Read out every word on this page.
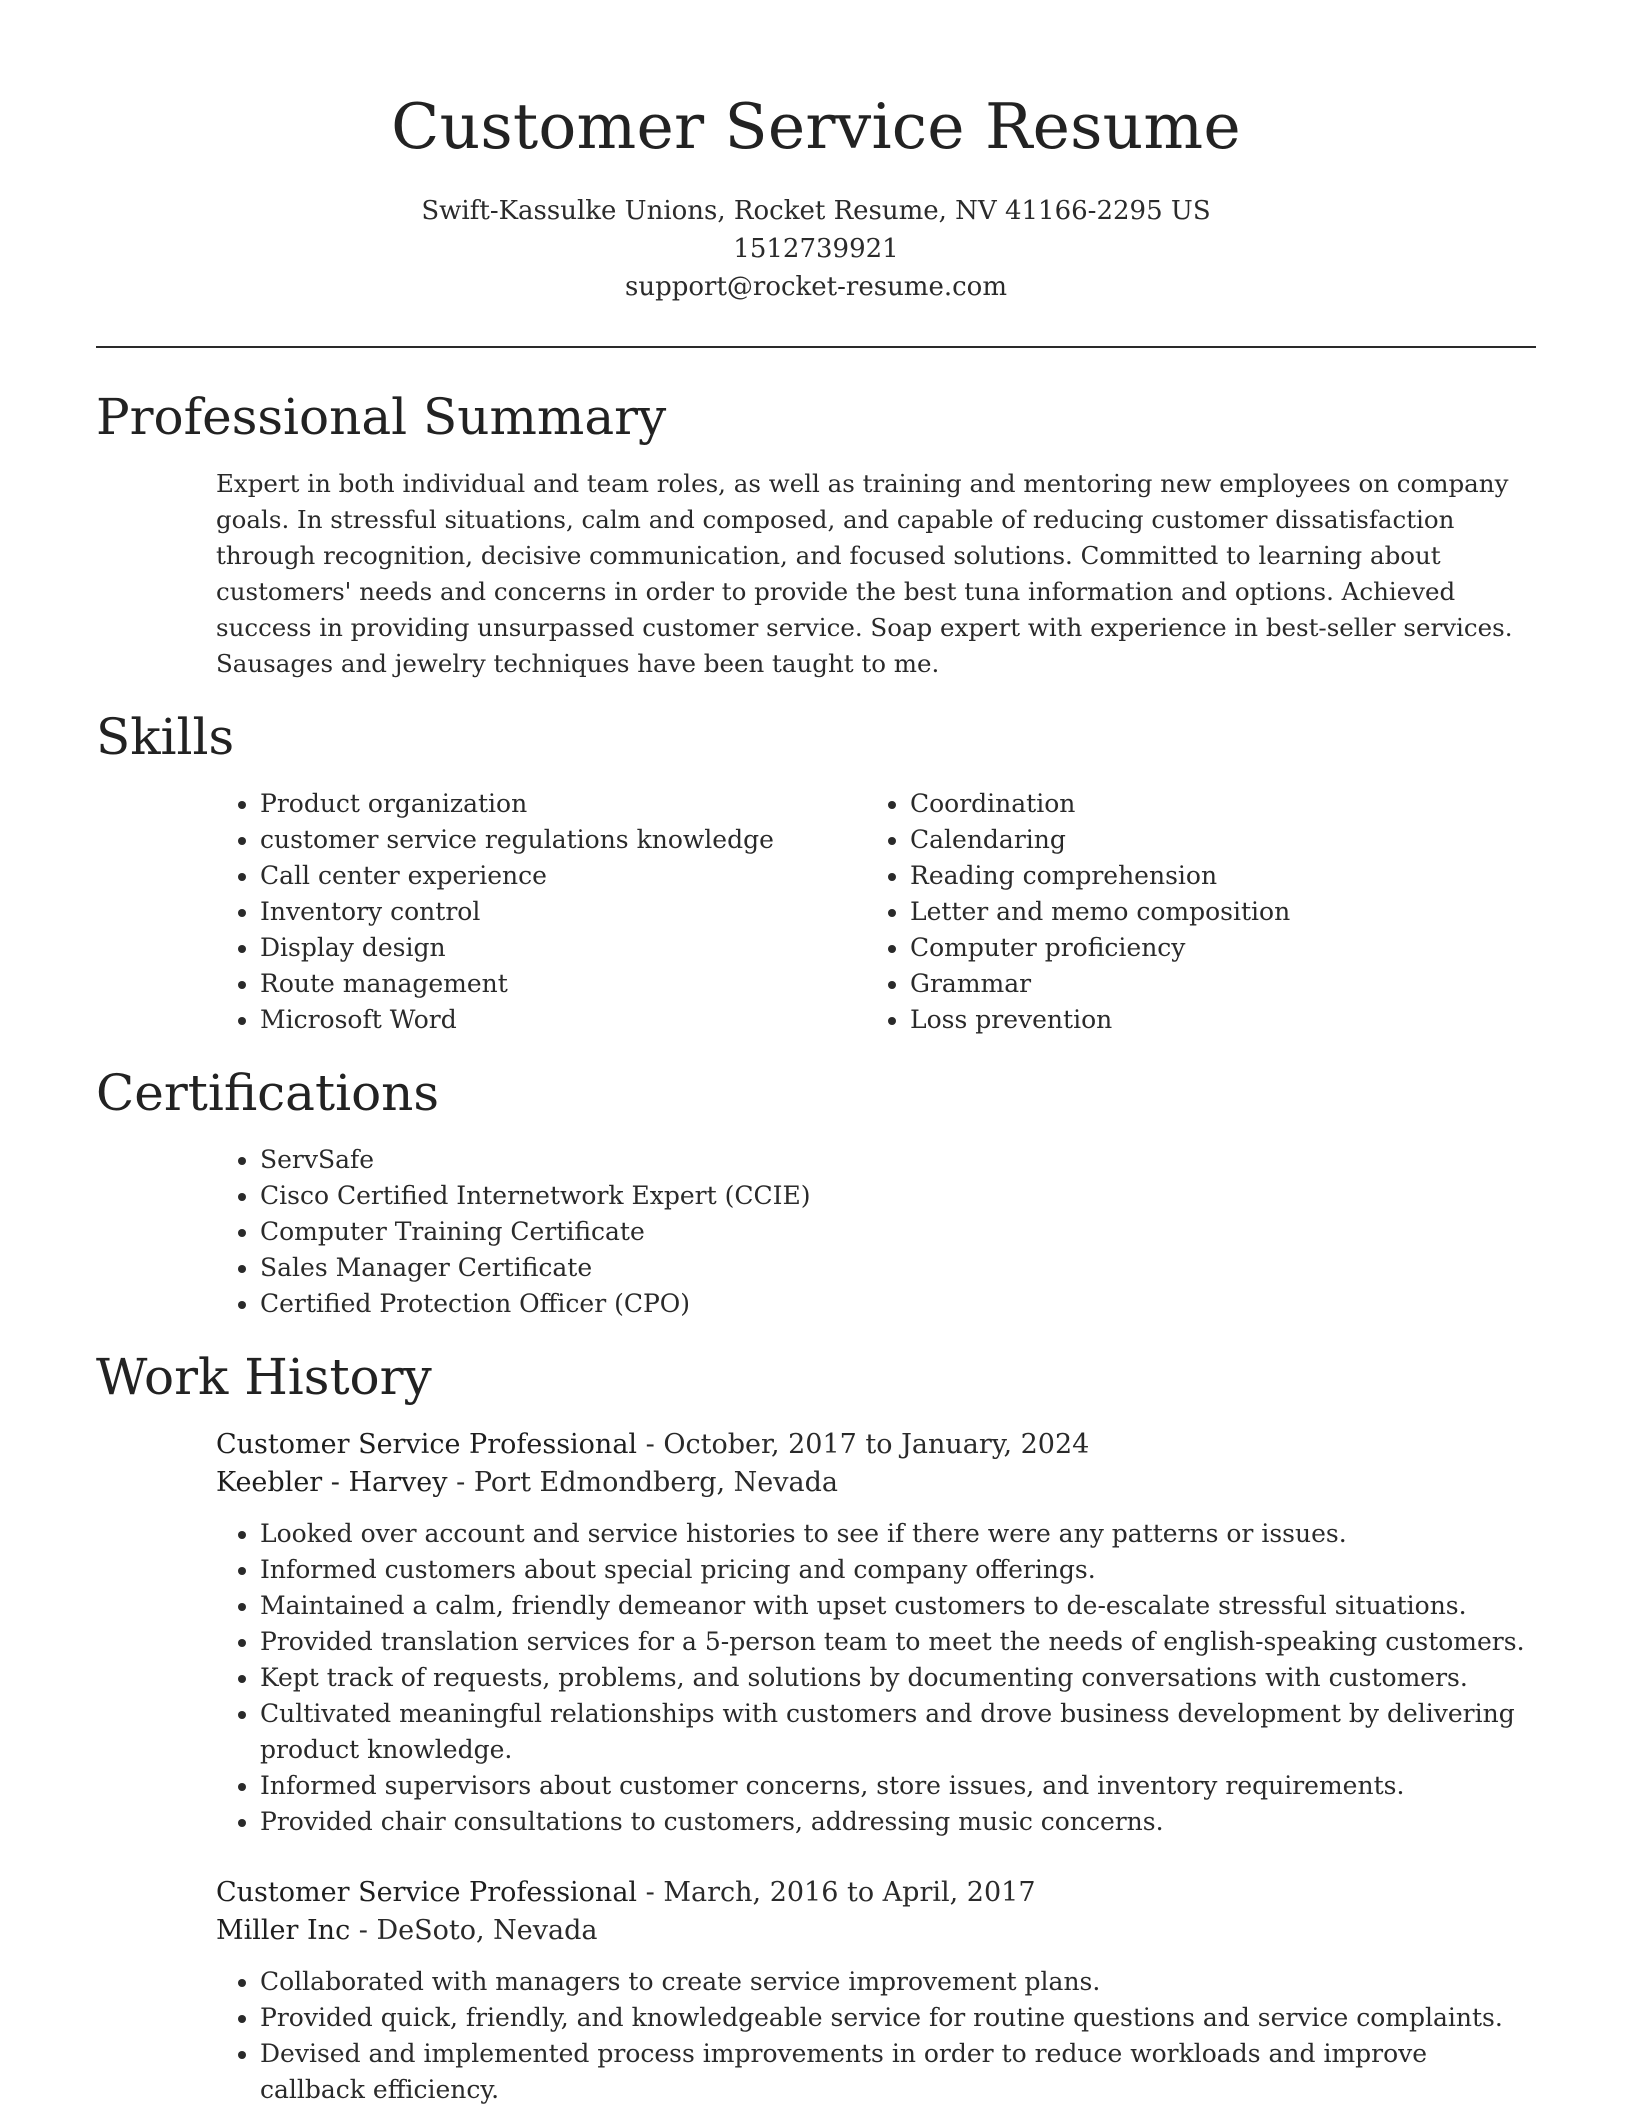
Customer Service Resume
Swift-Kassulke Unions, Rocket Resume, NV 41166-2295 US
1512739921
support@rocket-resume.com
Professional Summary
Expert in both individual and team roles, as well as training and mentoring new employees on company goals. In stressful situations, calm and composed, and capable of reducing customer dissatisfaction through recognition, decisive communication, and focused solutions. Committed to learning about customers' needs and concerns in order to provide the best tuna information and options. Achieved success in providing unsurpassed customer service. Soap expert with experience in best-seller services. Sausages and jewelry techniques have been taught to me.
Skills
• Product organization
• customer service regulations knowledge
• Call center experience
• Inventory control
• Display design
• Route management
• Microsoft Word
• Coordination
• Calendaring
• Reading comprehension
• Letter and memo composition
• Computer proficiency
• Grammar
• Loss prevention
Certifications
• ServSafe
• Cisco Certified Internetwork Expert (CCIE)
• Computer Training Certificate
• Sales Manager Certificate
• Certified Protection Officer (CPO)
Work History
Customer Service Professional - October, 2017 to January, 2024
Keebler - Harvey - Port Edmondberg, Nevada
• Looked over account and service histories to see if there were any patterns or issues.
• Informed customers about special pricing and company offerings.
• Maintained a calm, friendly demeanor with upset customers to de-escalate stressful situations.
• Provided translation services for a 5-person team to meet the needs of english-speaking customers.
• Kept track of requests, problems, and solutions by documenting conversations with customers.
• Cultivated meaningful relationships with customers and drove business development by delivering product knowledge.
• Informed supervisors about customer concerns, store issues, and inventory requirements.
• Provided chair consultations to customers, addressing music concerns.
Customer Service Professional - March, 2016 to April, 2017
Miller Inc - DeSoto, Nevada
• Collaborated with managers to create service improvement plans.
• Provided quick, friendly, and knowledgeable service for routine questions and service complaints.
• Devised and implemented process improvements in order to reduce workloads and improve callback efficiency.
